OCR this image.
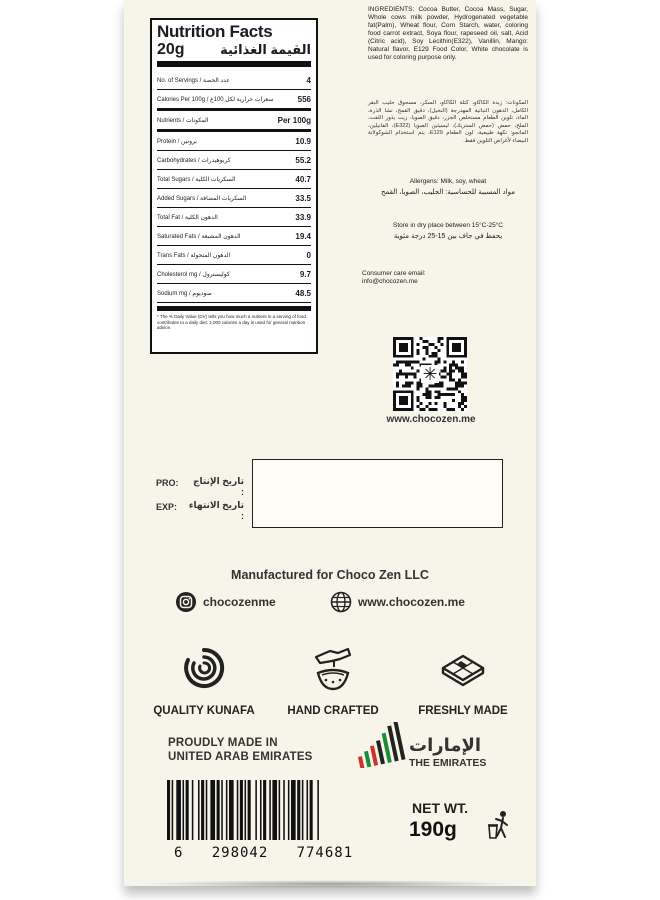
Nutrition Facts
20g	القيمة الغذائية
No. of Servings / عدد الحصة	4
Calories Per 100g / سعرات حرارية لكل 100غ	556
Nutrients / المكونات	Per 100g
Protein / بروتين	10.9
Carbohydrates / كربوهيدرات	55.2
Total Sugars / السكريات الكلية	40.7
Added Sugars / السكريات المضافة	33.5
Total Fat / الدهون الكلية	33.9
Saturated Fats / الدهون المشبعة	19.4
Trans Fats / الدهون المتحولة	0
Cholesterol mg / كوليسترول	9.7
Sodium mg / صوديوم	48.5
* The % Daily Value (DV) tells you how much a nutrient in a serving of food contributes to a daily diet. 2,000 calories a day is used for general nutrition advice.
INGREDIENTS: Cocoa Butter, Cocoa Mass, Sugar, Whole cows milk powder, Hydrogenated vegetable fat(Palm), Wheat flour, Corn Starch, water, coloring food carrot extract, Soya flour, rapeseed oil, salt, Acid (Citric acid), Soy Lecithin(E322), Vanillin, Mango: Natural flavor, E129 Food Color, White chocolate is used for coloring purpose only.
المكونات: زبدة الكاكاو، كتلة الكاكاو، السكر، مسحوق حليب البقر الكامل، الدهون النباتية المهدرجة (النخيل)، دقيق القمح، نشا الذرة، الماء، تلوين الطعام مستخلص الجزر، دقيق الصويا، زيت بذور اللفت، الملح، حمض (حمض الستريك)، ليسيثين الصويا (E322)، الفانيلين، المانجو: نكهة طبيعية، لون الطعام E129، يتم استخدام الشوكولاتة البيضاء لأغراض التلوين فقط.
Allergens: Milk, soy, wheat
مواد المسببة للحساسية: الحليب، الصويا، القمح
Store in dry place between 15°C-25°C
يحفظ في جاف بين 15-25 درجة مئوية
Consumer care email:
info@chocozen.me
✳
www.chocozen.me
PRO:	تاريخ الإنتاج :
EXP: تاريخ الانتهاء :
Manufactured for Choco Zen LLC
chocozenme	www.chocozen.me
QUALITY KUNAFA	HAND CRAFTED	FRESHLY MADE
PROUDLY MADE IN
UNITED ARAB EMIRATES
الإمارات
THE EMIRATES
6   298042   774681
NET WT.
190g
